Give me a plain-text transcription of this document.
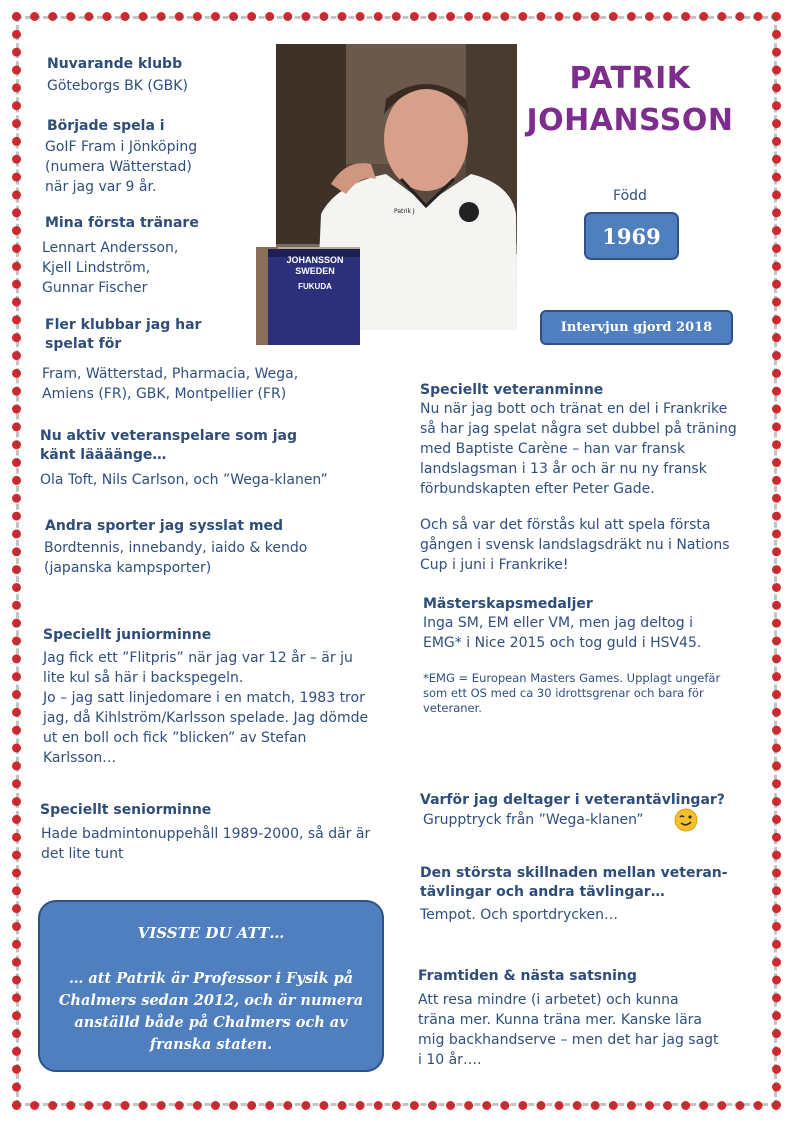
Patrik J
JOHANSSON
SWEDEN
FUKUDA
PATRIK
JOHANSSON
Född
1969
Intervjun gjord 2018
Nuvarande klubb
Göteborgs BK (GBK)
Började spela i
GoIF Fram i Jönköping
(numera Wätterstad)
när jag var 9 år.
Mina första tränare
Lennart Andersson,
Kjell Lindström,
Gunnar Fischer
Fler klubbar jag har
spelat för
Fram, Wätterstad, Pharmacia, Wega,
Amiens (FR), GBK, Montpellier (FR)
Nu aktiv veteranspelare som jag
känt läääänge…
Ola Toft, Nils Carlson, och ”Wega-klanen”
Andra sporter jag sysslat med
Bordtennis, innebandy, iaido & kendo
(japanska kampsporter)
Speciellt juniorminne
Jag fick ett ”Flitpris” när jag var 12 år – är ju
lite kul så här i backspegeln.
Jo – jag satt linjedomare i en match, 1983 tror
jag, då Kihlström/Karlsson spelade. Jag dömde
ut en boll och fick ”blicken” av Stefan
Karlsson…
Speciellt seniorminne
Hade badmintonuppehåll 1989-2000, så där är
det lite tunt
Speciellt veteranminne
Nu när jag bott och tränat en del i Frankrike
så har jag spelat några set dubbel på träning
med Baptiste Carène – han var fransk
landslagsman i 13 år och är nu ny fransk
förbundskapten efter Peter Gade.
Och så var det förstås kul att spela första
gången i svensk landslagsdräkt nu i Nations
Cup i juni i Frankrike!
Mästerskapsmedaljer
Inga SM, EM eller VM, men jag deltog i
EMG* i Nice 2015 och tog guld i HSV45.
*EMG = European Masters Games. Upplagt ungefär
som ett OS med ca 30 idrottsgrenar och bara för
veteraner.
Varför jag deltager i veterantävlingar?
Grupptryck från ”Wega-klanen”
Den största skillnaden mellan veteran-
tävlingar och andra tävlingar…
Tempot. Och sportdrycken…
Framtiden & nästa satsning
Att resa mindre (i arbetet) och kunna
träna mer. Kunna träna mer. Kanske lära
mig backhandserve – men det har jag sagt
i 10 år….
VISSTE DU ATT…
… att Patrik är Professor i Fysik på Chalmers sedan 2012, och är numera anställd både på Chalmers och av franska staten.
